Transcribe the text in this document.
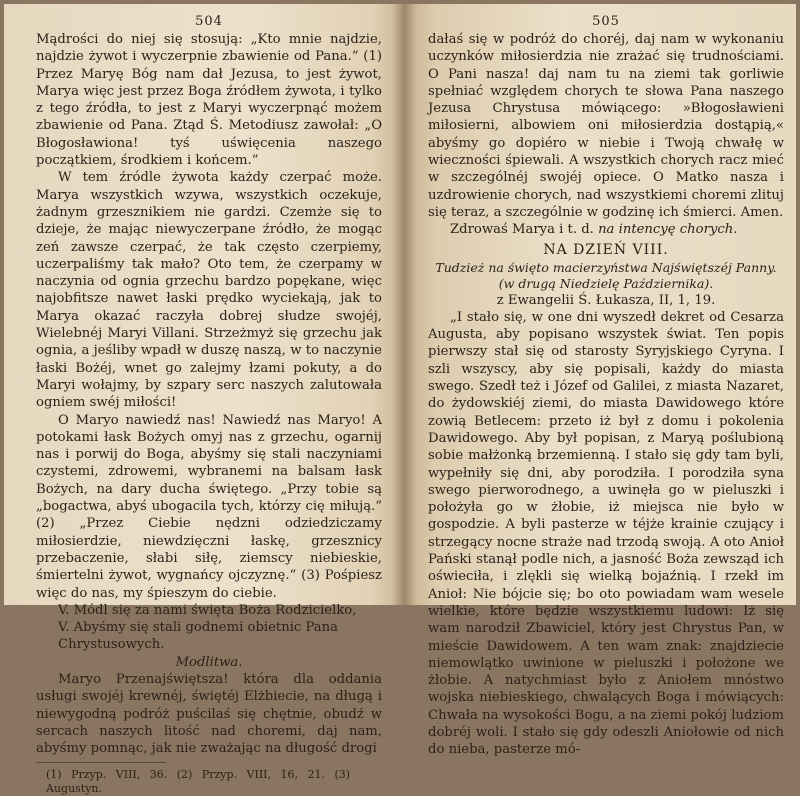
504

Mądrości do niej się stosują: „Kto mnie najdzie, najdzie żywot i wyczerpnie zbawienie od Pana.“ (1) Przez Maryę Bóg nam dał Jezusa, to jest żywot, Marya więc jest przez Boga źródłem żywota, i tylko z tego źródła, to jest z Maryi wyczerpnąć możem zbawienie od Pana. Ztąd Ś. Metodiusz zawołał: „O Błogosławiona! tyś uświęcenia naszego początkiem, środkiem i końcem.“

W tem źródle żywota każdy czerpać może. Marya wszystkich wzywa, wszystkich oczekuje, żadnym grzesznikiem nie gardzi. Czemże się to dzieje, że mając niewyczerpane źródło, że mogąc zeń zawsze czerpać, że tak często czerpiemy, uczerpaliśmy tak mało? Oto tem, że czerpamy w naczynia od ognia grzechu bardzo popękane, więc najobfitsze nawet łaski prędko wyciekają, jak to Marya okazać raczyła dobrej słudze swojéj, Wielebnéj Maryi Villani. Strzeżmyż się grzechu jak ognia, a jeśliby wpadł w duszę naszą, w to naczynie łaski Bożéj, wnet go zalejmy łzami pokuty, a do Maryi wołajmy, by szpary serc naszych zalutowała ogniem swéj miłości!

O Maryo nawiedź nas! Nawiedź nas Maryo! A potokami łask Bożych omyj nas z grzechu, ogarnij nas i porwij do Boga, abyśmy się stali naczyniami czystemi, zdrowemi, wybranemi na balsam łask Bożych, na dary ducha świętego. „Przy tobie są „bogactwa, abyś ubogacila tych, którzy cię miłują.“ (2) „Przez Ciebie nędzni odziedziczamy miłosierdzie, niewdzięczni łaskę, grzesznicy przebaczenie, słabi siłę, ziemscy niebieskie, śmiertelni żywot, wygnańcy ojczyznę.“ (3) Pośpiesz więc do nas, my śpieszym do ciebie.

V. Módl się za nami święta Boża Rodzicielko,
V. Abyśmy się stali godnemi obietnic Pana Chrystusowych.
Modlitwa.

Maryo Przenajświętsza! która dla oddania usługi swojéj krewnéj, świętéj Elżbiecie, na długą i niewygodną podróż puścilaś się chętnie, obudź w sercach naszych litość nad choremi, daj nam, abyśmy pomnąc, jak nie zważając na długość drogi

(1) Przyp. VIII, 36. (2) Przyp. VIII, 16, 21. (3) Augustyn.
505

dałaś się w podróż do choréj, daj nam w wykonaniu uczynków miłosierdzia nie zrażać się trudnościami. O Pani nasza! daj nam tu na ziemi tak gorliwie spełniać względem chorych te słowa Pana naszego Jezusa Chrystusa mówiącego: »Błogosławieni miłosierni, albowiem oni miłosierdzia dostąpią,« abyśmy go dopiéro w niebie i Twoją chwałę w wieczności śpiewali. A wszystkich chorych racz mieć w szczególnéj swojéj opiece. O Matko nasza i uzdrowienie chorych, nad wszystkiemi choremi zlituj się teraz, a szczególnie w godzinę ich śmierci. Amen.

Zdrowaś Marya i t. d. na intencyę chorych.
NA DZIEŃ VIII.
Tudzież na święto macierzyństwa Najświętszéj Panny.
(w drugą Niedzielę Października).
z Ewangelii Ś. Łukasza, II, 1, 19.

„I stało się, w one dni wyszedł dekret od Cesarza Augusta, aby popisano wszystek świat. Ten popis pierwszy stał się od starosty Syryjskiego Cyryna. I szli wszyscy, aby się popisali, każdy do miasta swego. Szedł też i Józef od Galilei, z miasta Nazaret, do żydowskiéj ziemi, do miasta Dawidowego które zowią Betlecem: przeto iż był z domu i pokolenia Dawidowego. Aby był popisan, z Maryą poślubioną sobie małżonką brzemienną. I stało się gdy tam byli, wypełniły się dni, aby porodziła. I porodziła syna swego pierworodnego, a uwinęła go w pieluszki i położyła go w żłobie, iż miejsca nie było w gospodzie. A byli pasterze w téjże krainie czujący i strzegący nocne straże nad trzodą swoją. A oto Anioł Pański stanął podle nich, a jasność Boża zewsząd ich oświeciła, i zlękli się wielką bojaźnią. I rzekł im Anioł: Nie bójcie się; bo oto powiadam wam wesele wielkie, które będzie wszystkiemu ludowi: Iż się wam narodził Zbawiciel, który jest Chrystus Pan, w mieście Dawidowem. A ten wam znak: znajdziecie niemowlątko uwinione w pieluszki i położone we żłobie. A natychmiast było z Aniołem mnóstwo wojska niebieskiego, chwalących Boga i mówiących: Chwała na wysokości Bogu, a na ziemi pokój ludziom dobréj woli. I stało się gdy odeszli Aniołowie od nich do nieba, pasterze mó-
